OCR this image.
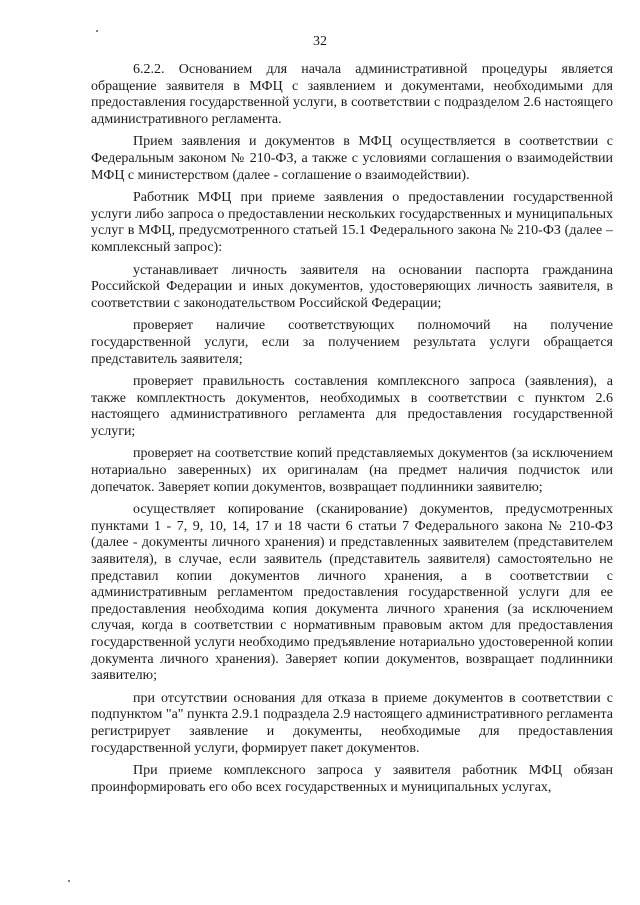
32

6.2.2. Основанием для начала административной процедуры является обращение заявителя в МФЦ с заявлением и документами, необходимыми для предоставления государственной услуги, в соответствии с подразделом 2.6 настоящего административного регламента.

Прием заявления и документов в МФЦ осуществляется в соответствии с Федеральным законом № 210-ФЗ, а также с условиями соглашения о взаимодействии МФЦ с министерством (далее - соглашение о взаимодействии).

Работник МФЦ при приеме заявления о предоставлении государственной услуги либо запроса о предоставлении нескольких государственных и муниципальных услуг в МФЦ, предусмотренного статьей 15.1 Федерального закона № 210-ФЗ (далее – комплексный запрос):

устанавливает личность заявителя на основании паспорта гражданина Российской Федерации и иных документов, удостоверяющих личность заявителя, в соответствии с законодательством Российской Федерации;

проверяет наличие соответствующих полномочий на получение государственной услуги, если за получением результата услуги обращается представитель заявителя;

проверяет правильность составления комплексного запроса (заявления), а также комплектность документов, необходимых в соответствии с пунктом 2.6 настоящего административного регламента для предоставления государственной услуги;

проверяет на соответствие копий представляемых документов (за исключением нотариально заверенных) их оригиналам (на предмет наличия подчисток или допечаток. Заверяет копии документов, возвращает подлинники заявителю;

осуществляет копирование (сканирование) документов, предусмотренных пунктами 1 - 7, 9, 10, 14, 17 и 18 части 6 статьи 7 Федерального закона № 210-ФЗ (далее - документы личного хранения) и представленных заявителем (представителем заявителя), в случае, если заявитель (представитель заявителя) самостоятельно не представил копии документов личного хранения, а в соответствии с административным регламентом предоставления государственной услуги для ее предоставления необходима копия документа личного хранения (за исключением случая, когда в соответствии с нормативным правовым актом для предоставления государственной услуги необходимо предъявление нотариально удостоверенной копии документа личного хранения). Заверяет копии документов, возвращает подлинники заявителю;

при отсутствии основания для отказа в приеме документов в соответствии с подпунктом "а" пункта 2.9.1 подраздела 2.9 настоящего административного регламента регистрирует заявление и документы, необходимые для предоставления государственной услуги, формирует пакет документов.

При приеме комплексного запроса у заявителя работник МФЦ обязан проинформировать его обо всех государственных и муниципальных услугах,
